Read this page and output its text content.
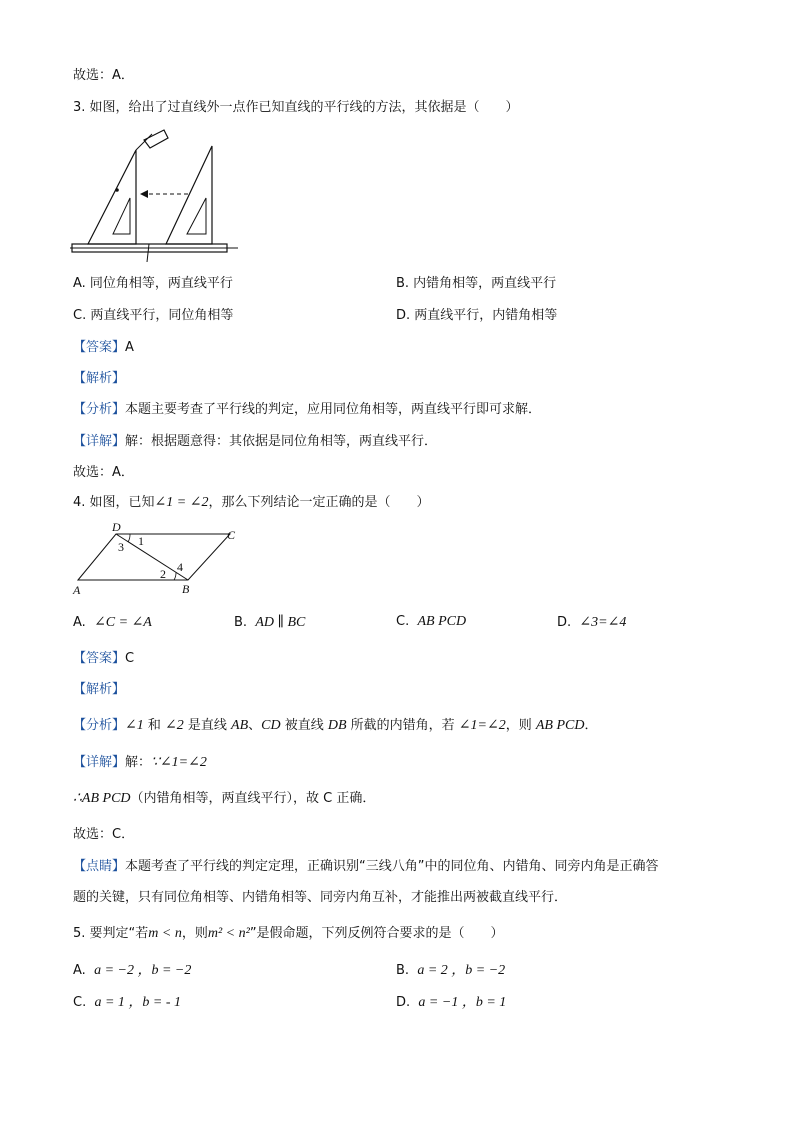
故选：A．
3. 如图，给出了过直线外一点作已知直线的平行线的方法，其依据是（　　）
A. 同位角相等，两直线平行	B. 内错角相等，两直线平行
C. 两直线平行，同位角相等	D. 两直线平行，内错角相等
【答案】A
【解析】
【分析】本题主要考查了平行线的判定，应用同位角相等，两直线平行即可求解．
【详解】解：根据题意得：其依据是同位角相等，两直线平行．
故选：A．
4. 如图，已知∠1 = ∠2，那么下列结论一定正确的是（　　）
D
C
A	B
1
2
3
4
A. ∠C = ∠A	B. AD ∥ BC	C. AB PCD	D. ∠3=∠4
【答案】C
【解析】
【分析】∠1 和 ∠2 是直线 AB、CD 被直线 DB 所截的内错角，若 ∠1=∠2，则 AB PCD．
【详解】解：∵∠1=∠2
∴AB PCD（内错角相等，两直线平行），故 C 正确．
故选：C．
【点睛】本题考查了平行线的判定定理，正确识别“三线八角”中的同位角、内错角、同旁内角是正确答
题的关键，只有同位角相等、内错角相等、同旁内角互补，才能推出两被截直线平行．
5. 要判定“若m < n，则m² < n²”是假命题，下列反例符合要求的是（　　）
A. a = −2 ，b = −2	B. a = 2 ，b = −2
C. a = 1 ，b = - 1	D. a = −1 ，b = 1
